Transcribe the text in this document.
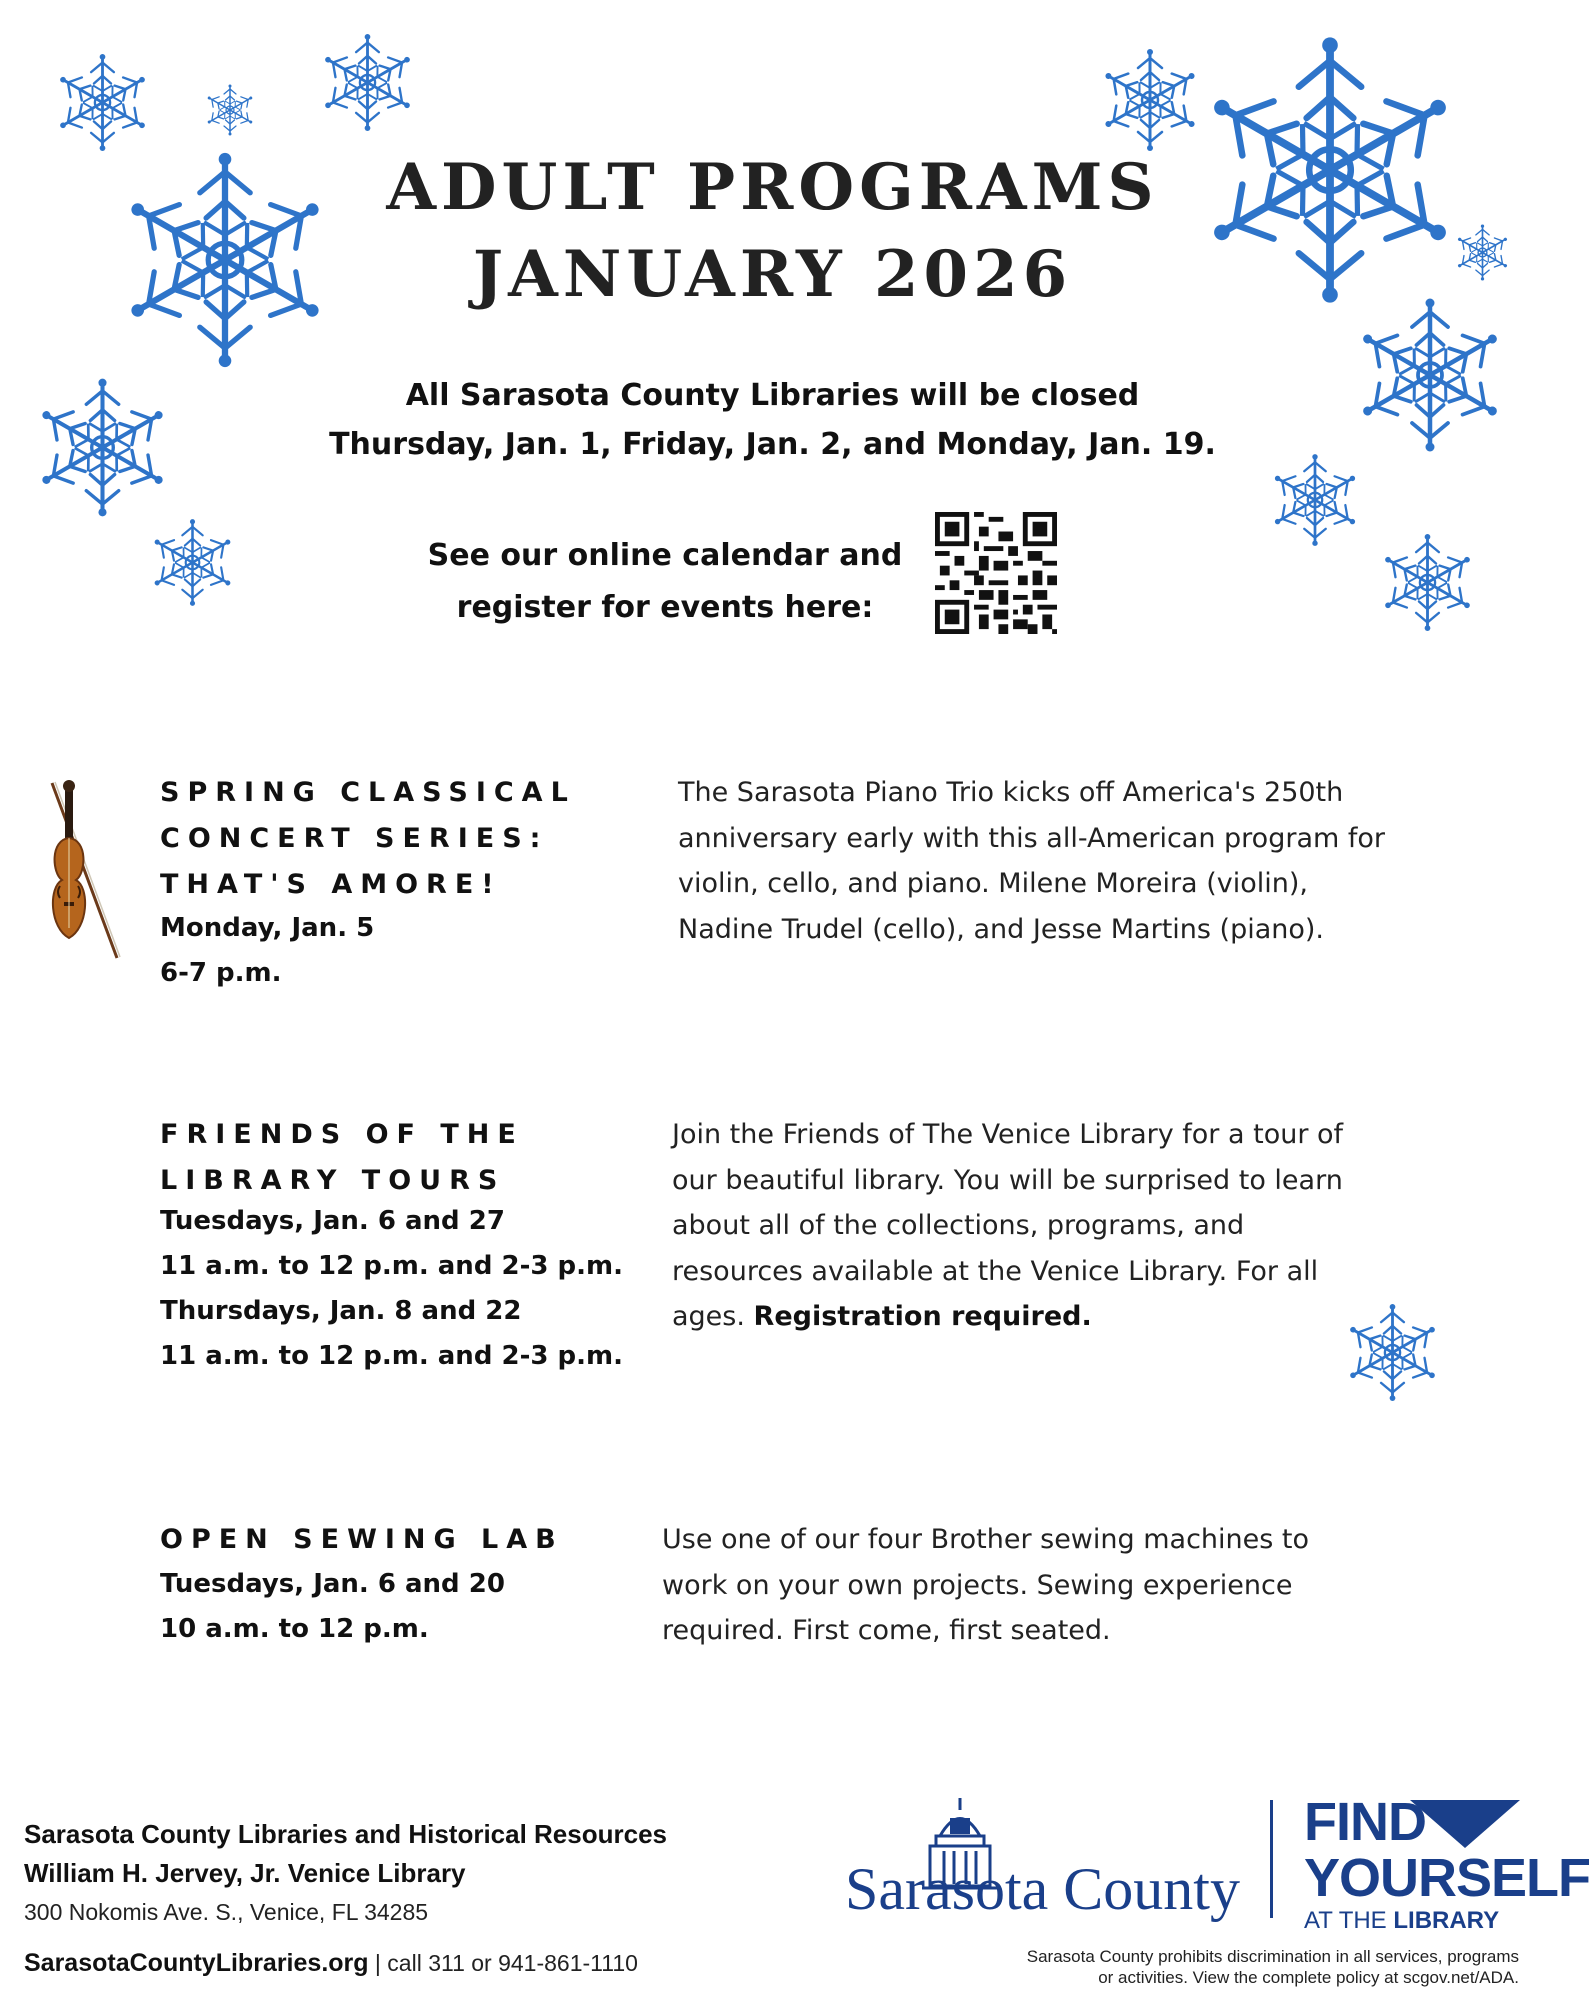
ADULT PROGRAMS
JANUARY 2026
All Sarasota County Libraries will be closed
Thursday, Jan. 1, Friday, Jan. 2, and Monday, Jan. 19.
See our online calendar and
register for events here:
SPRING CLASSICAL
CONCERT SERIES:
THAT'S AMORE!
Monday, Jan. 5
6-7 p.m.
The Sarasota Piano Trio kicks off America's 250th anniversary early with this all-American program for violin, cello, and piano. Milene Moreira (violin), Nadine Trudel (cello), and Jesse Martins (piano).
FRIENDS OF THE
LIBRARY TOURS
Tuesdays, Jan. 6 and 27
11 a.m. to 12 p.m. and 2-3 p.m.
Thursdays, Jan. 8 and 22
11 a.m. to 12 p.m. and 2-3 p.m.
Join the Friends of The Venice Library for a tour of our beautiful library. You will be surprised to learn about all of the collections, programs, and resources available at the Venice Library. For all ages. Registration required.
OPEN SEWING LAB
Tuesdays, Jan. 6 and 20
10 a.m. to 12 p.m.
Use one of our four Brother sewing machines to work on your own projects. Sewing experience required. First come, first seated.
Sarasota County Libraries and Historical Resources
William H. Jervey, Jr. Venice Library
300 Nokomis Ave. S., Venice, FL 34285
SarasotaCountyLibraries.org | call 311 or 941-861-1110
Sarasota County
FIND
YOURSELF
AT THE LIBRARY
Sarasota County prohibits discrimination in all services, programs
or activities. View the complete policy at scgov.net/ADA.
